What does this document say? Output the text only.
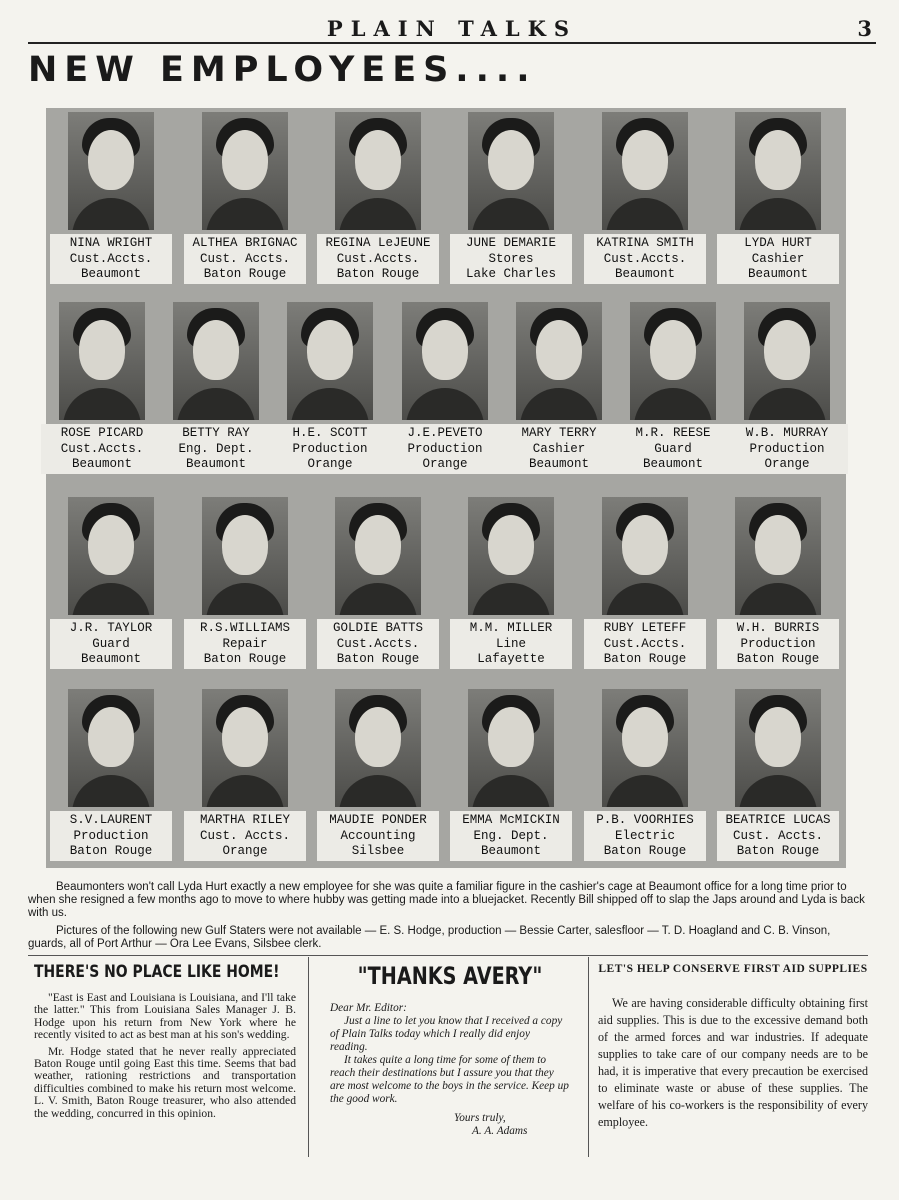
PLAIN TALKS	3
NEW EMPLOYEES....
NINA WRIGHT
Cust.Accts.
Beaumont
ALTHEA BRIGNAC
Cust. Accts.
Baton Rouge
REGINA LeJEUNE
Cust.Accts.
Baton Rouge
JUNE DEMARIE
Stores
Lake Charles
KATRINA SMITH
Cust.Accts.
Beaumont
LYDA HURT
Cashier
Beaumont
ROSE PICARD
Cust.Accts.
Beaumont
BETTY RAY
Eng. Dept.
Beaumont
H.E. SCOTT
Production
Orange
J.E.PEVETO
Production
Orange
MARY TERRY
Cashier
Beaumont
M.R. REESE
Guard
Beaumont
W.B. MURRAY
Production
Orange
J.R. TAYLOR
Guard
Beaumont
R.S.WILLIAMS
Repair
Baton Rouge
GOLDIE BATTS
Cust.Accts.
Baton Rouge
M.M. MILLER
Line
Lafayette
RUBY LETEFF
Cust.Accts.
Baton Rouge
W.H. BURRIS
Production
Baton Rouge
S.V.LAURENT
Production
Baton Rouge
MARTHA RILEY
Cust. Accts.
Orange
MAUDIE PONDER
Accounting
Silsbee
EMMA McMICKIN
Eng. Dept.
Beaumont
P.B. VOORHIES
Electric
Baton Rouge
BEATRICE LUCAS
Cust. Accts.
Baton Rouge

Beaumonters won't call Lyda Hurt exactly a new employee for she was quite a familiar figure in the cashier's cage at Beaumont office for a long time prior to when she resigned a few months ago to move to where hubby was getting made into a bluejacket. Recently Bill shipped off to slap the Japs around and Lyda is back with us.

Pictures of the following new Gulf Staters were not available — E. S. Hodge, production — Bessie Carter, salesfloor — T. D. Hoagland and C. B. Vinson, guards, all of Port Arthur — Ora Lee Evans, Silsbee clerk.

THERE'S NO PLACE LIKE HOME!

"East is East and Louisiana is Louisiana, and I'll take the latter." This from Louisiana Sales Manager J. B. Hodge upon his return from New York where he recently visited to act as best man at his son's wedding.

Mr. Hodge stated that he never really appreciated Baton Rouge until going East this time. Seems that bad weather, rationing restrictions and transportation difficulties combined to make his return most welcome. L. V. Smith, Baton Rouge treasurer, who also attended the wedding, concurred in this opinion.

"THANKS AVERY"

Dear Mr. Editor:

Just a line to let you know that I received a copy of Plain Talks today which I really did enjoy reading.

It takes quite a long time for some of them to reach their destinations but I assure you that they are most welcome to the boys in the service. Keep up the good work.

Yours truly,

A. A. Adams

LET'S HELP CONSERVE FIRST AID SUPPLIES

We are having considerable difficulty obtaining first aid supplies. This is due to the excessive demand both of the armed forces and war industries. If adequate supplies to take care of our company needs are to be had, it is imperative that every precaution be exercised to eliminate waste or abuse of these supplies. The welfare of his co-workers is the responsibility of every employee.
